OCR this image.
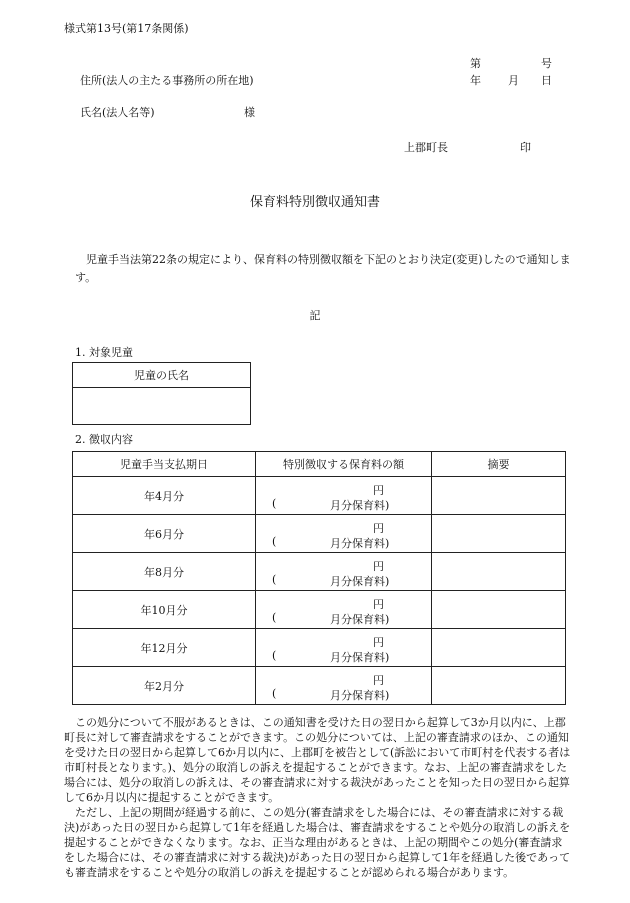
様式第13号(第17条関係)
第	号
年 月 日
住所(法人の主たる事務所の所在地)
氏名(法人名等)	様
上郡町長	印
保育料特別徴収通知書
児童手当法第22条の規定により、保育料の特別徴収額を下記のとおり決定(変更)したので通知します。
記
1. 対象児童
児童の氏名

2. 徴収内容
児童手当支払期日	特別徴収する保育料の額	摘要
年4月分	円
( 月分保育料)	

年6月分	円
( 月分保育料)	

年8月分	円
( 月分保育料)	

年10月分	円
( 月分保育料)	

年12月分	円
( 月分保育料)	

年2月分	円
( 月分保育料)	

この処分について不服があるときは、この通知書を受けた日の翌日から起算して3か月以内に、上郡町長に対して審査請求をすることができます。この処分については、上記の審査請求のほか、この通知を受けた日の翌日から起算して6か月以内に、上郡町を被告として(訴訟において市町村を代表する者は市町村長となります。)、処分の取消しの訴えを提起することができます。なお、上記の審査請求をした場合には、処分の取消しの訴えは、その審査請求に対する裁決があったことを知った日の翌日から起算して6か月以内に提起することができます。

ただし、上記の期間が経過する前に、この処分(審査請求をした場合には、その審査請求に対する裁決)があった日の翌日から起算して1年を経過した場合は、審査請求をすることや処分の取消しの訴えを提起することができなくなります。なお、正当な理由があるときは、上記の期間やこの処分(審査請求をした場合には、その審査請求に対する裁決)があった日の翌日から起算して1年を経過した後であっても審査請求をすることや処分の取消しの訴えを提起することが認められる場合があります。
